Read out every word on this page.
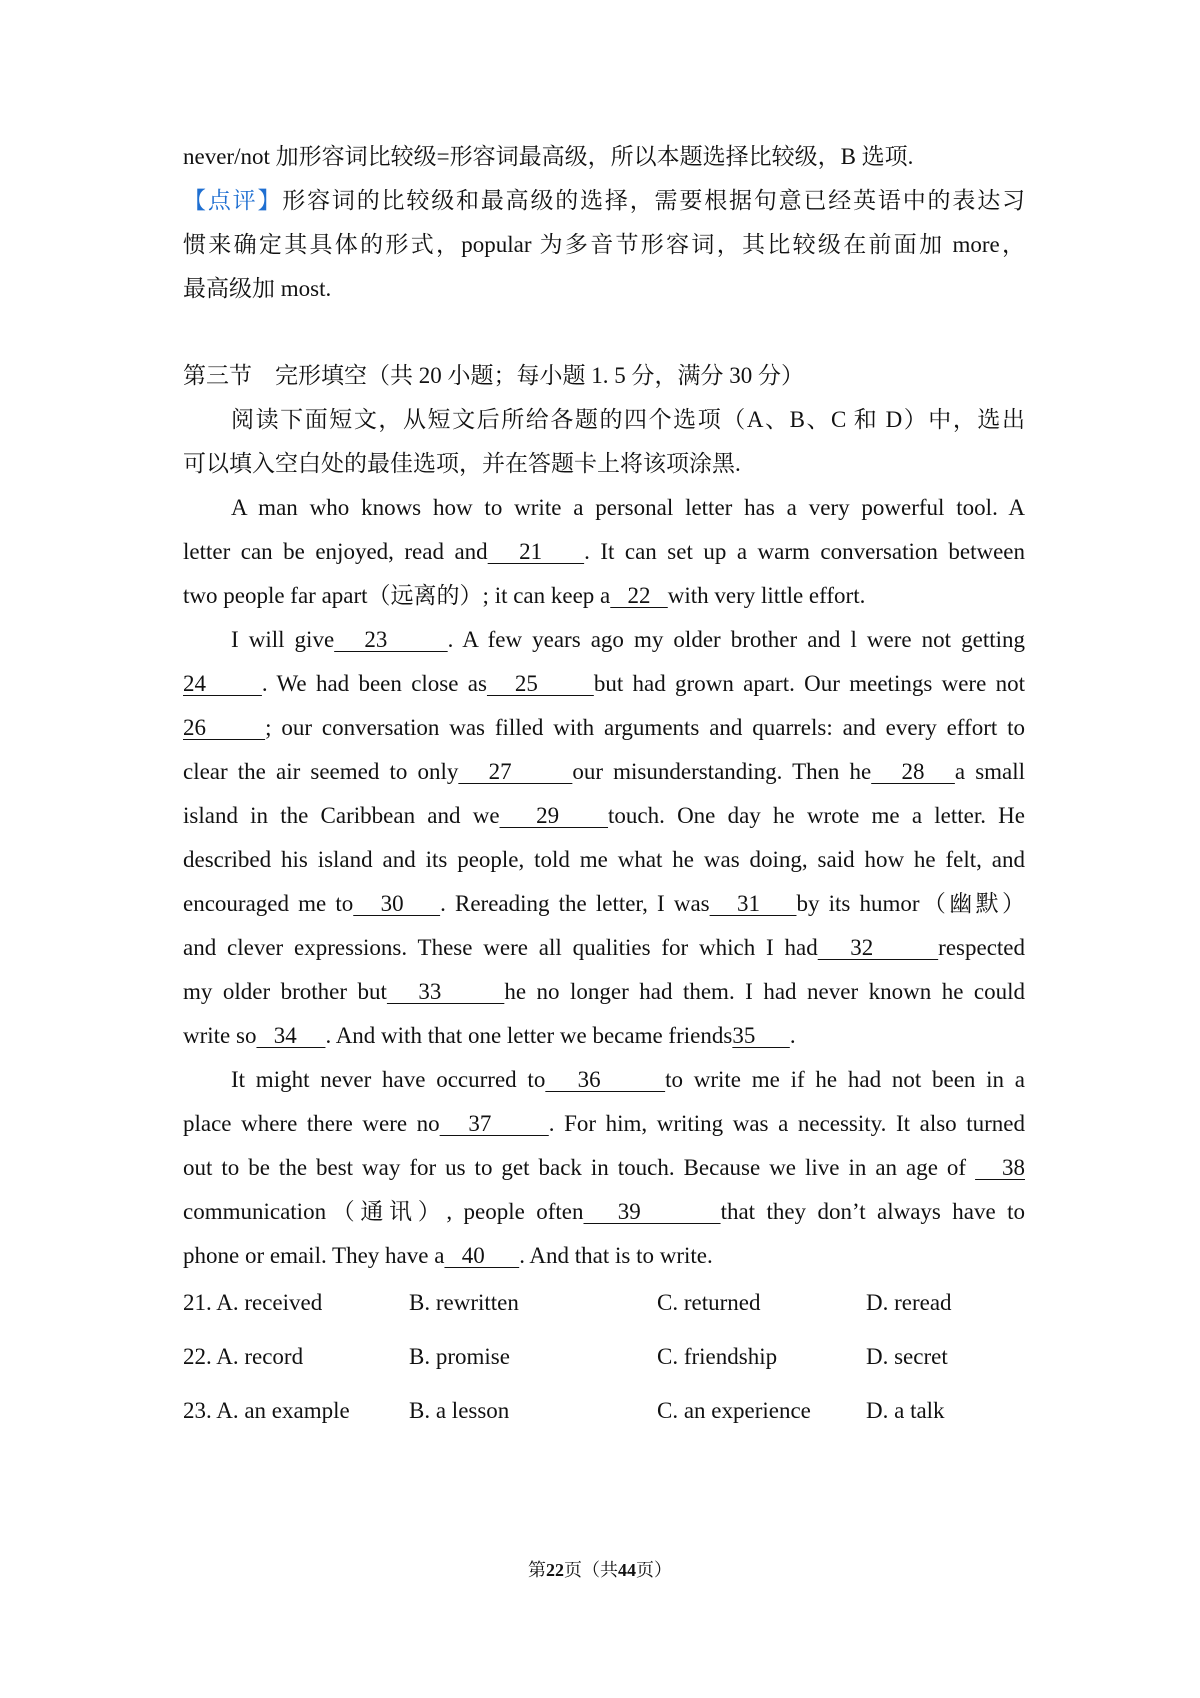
never/not 加形容词比较级=形容词最高级，所以本题选择比较级，B 选项.
【点评】形容词的比较级和最高级的选择，需要根据句意已经英语中的表达习
惯来确定其具体的形式，popular 为多音节形容词，其比较级在前面加 more，
最高级加 most.
第三节　完形填空（共 20 小题；每小题 1. 5 分，满分 30 分）
阅读下面短文，从短文后所给各题的四个选项（A、B、C 和 D）中，选出
可以填入空白处的最佳选项，并在答题卡上将该项涂黑.
A man who knows how to write a personal letter has a very powerful tool. A
letter can be enjoyed, read and   21    . It can set up a warm conversation between
two people far apart（远离的）; it can keep a   22   with very little effort.
I will give   23      . A few years ago my older brother and l were not getting
24      . We had been close as   25      but had grown apart. Our meetings were not
26      ; our conversation was filled with arguments and quarrels: and every effort to
clear the air seemed to only   27      our misunderstanding. Then he   28   a small
island in the Caribbean and we   29    touch. One day he wrote me a letter. He
described his island and its people, told me what he was doing, said how he felt, and
encouraged me to   30    . Rereading the letter, I was   31    by its humor（幽默）
and clever expressions. These were all qualities for which I had   32      respected
my older brother but   33      he no longer had them. I had never known he could
write so   34     . And with that one letter we became friends35      .
It might never have occurred to   36      to write me if he had not been in a
place where there were no   37      . For him, writing was a necessity. It also turned
out to be the best way for us to get back in touch. Because we live in an age of    38
communication（通讯）, people often   39       that they don’t always have to
phone or email. They have a   40      . And that is to write.
21. A. received	B. rewritten	C. returned	D. reread
22. A. record	B. promise	C. friendship	D. secret
23. A. an example	B. a lesson	C. an experience D. a talk
第22页（共44页）
